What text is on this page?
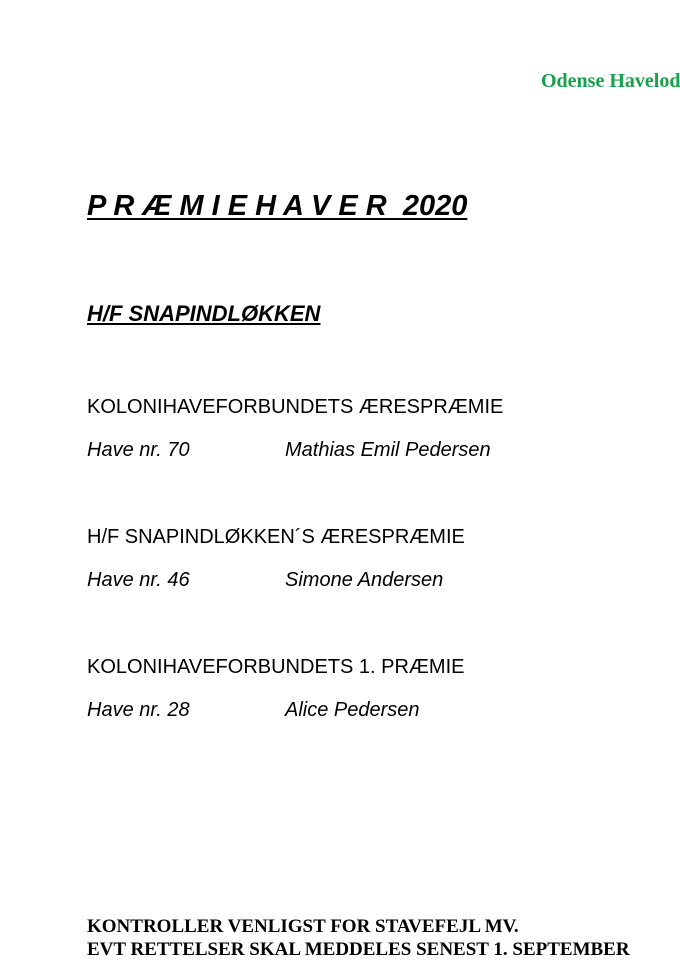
Odense Havelod
P R Æ M I E H A V E R  2020
H/F SNAPINDLØKKEN
KOLONIHAVEFORBUNDETS ÆRESPRÆMIE
Have nr. 70	Mathias Emil Pedersen
H/F SNAPINDLØKKEN´S ÆRESPRÆMIE
Have nr. 46	Simone Andersen
KOLONIHAVEFORBUNDETS 1. PRÆMIE
Have nr. 28	Alice Pedersen
KONTROLLER VENLIGST FOR STAVEFEJL MV.
EVT RETTELSER SKAL MEDDELES SENEST 1. SEPTEMBER
